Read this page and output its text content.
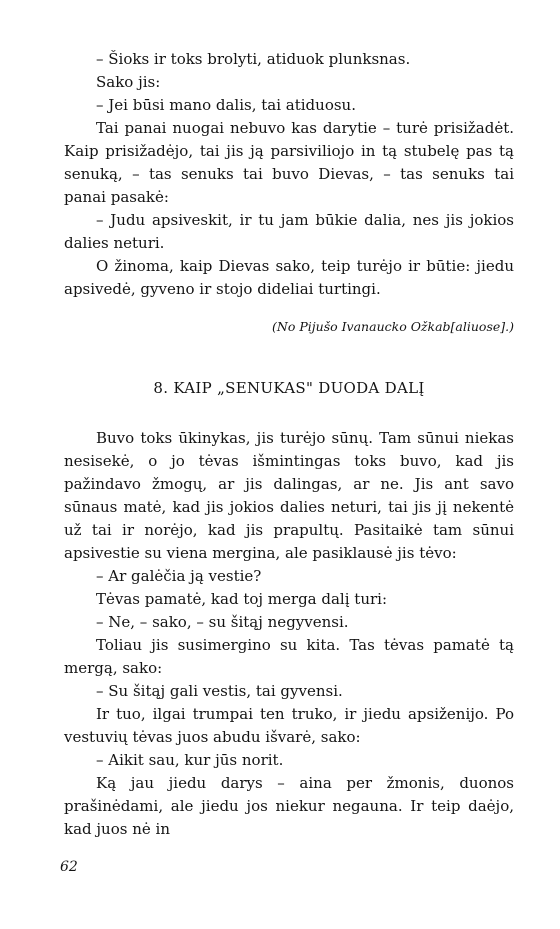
– Šioks ir toks brolyti, atiduok plunksnas.

Sako jis:

– Jei būsi mano dalis, tai atiduosu.

Tai panai nuogai nebuvo kas darytie – turė prisižadėt. Kaip prisižadėjo, tai jis ją parsiviliojo in tą stubelę pas tą senuką, – tas senuks tai buvo Dievas, – tas senuks tai panai pasakė:

– Judu apsiveskit, ir tu jam būkie dalia, nes jis jokios dalies neturi.

O žinoma, kaip Dievas sako, teip turėjo ir būtie: jiedu apsivedė, gyveno ir stojo dideliai turtingi.

(No Pijušo Ivanaucko Ožkab[aliuose].)

8. KAIP „SENUKAS" DUODA DALĮ

Buvo toks ūkinykas, jis turėjo sūnų. Tam sūnui niekas nesisekė, o jo tėvas išmintingas toks buvo, kad jis pažindavo žmogų, ar jis dalingas, ar ne. Jis ant savo sūnaus matė, kad jis jokios dalies neturi, tai jis jį nekentė už tai ir norėjo, kad jis prapultų. Pasitaikė tam sūnui apsivestie su viena mergina, ale pasiklausė jis tėvo:

– Ar galėčia ją vestie?

Tėvas pamatė, kad toj merga dalį turi:

– Ne, – sako, – su šitąj negyvensi.

Toliau jis susimergino su kita. Tas tėvas pamatė tą mergą, sako:

– Su šitąj gali vestis, tai gyvensi.

Ir tuo, ilgai trumpai ten truko, ir jiedu apsiženijo. Po vestuvių tėvas juos abudu išvarė, sako:

– Aikit sau, kur jūs norit.

Ką jau jiedu darys – aina per žmonis, duonos prašinėdami, ale jiedu jos niekur negauna. Ir teip daėjo, kad juos nė in

62
